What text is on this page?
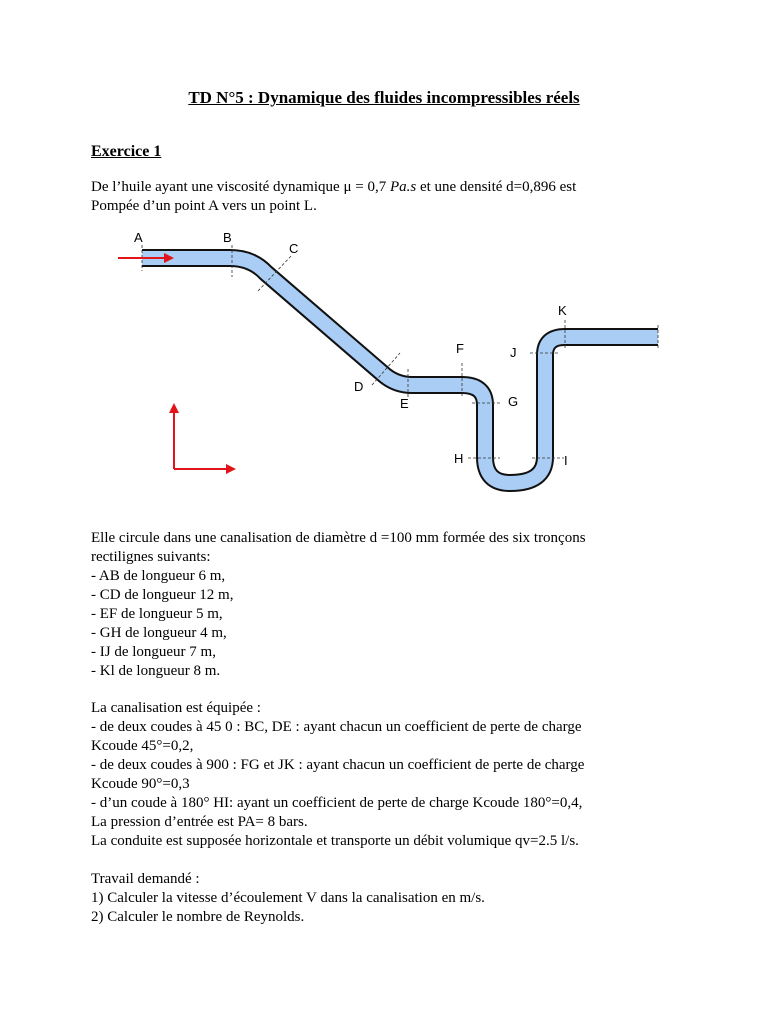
TD N°5 : Dynamique des fluides incompressibles réels
Exercice 1
De l’huile ayant une viscosité dynamique μ = 0,7 Pa.s et une densité d=0,896 est
Pompée d’un point A vers un point L.
A	B
C
D
E
F
G
H	I
J
K
Elle circule dans une canalisation de diamètre d =100 mm formée des six tronçons
rectilignes suivants:
- AB de longueur 6 m,
- CD de longueur 12 m,
- EF de longueur 5 m,
- GH de longueur 4 m,
- IJ de longueur 7 m,
- Kl de longueur 8 m.
La canalisation est équipée :
- de deux coudes à 45 0 : BC, DE : ayant chacun un coefficient de perte de charge
Kcoude 45°=0,2,
- de deux coudes à 900 : FG et JK : ayant chacun un coefficient de perte de charge
Kcoude 90°=0,3
- d’un coude à 180° HI: ayant un coefficient de perte de charge Kcoude 180°=0,4,
La pression d’entrée est PA= 8 bars.
La conduite est supposée horizontale et transporte un débit volumique qv=2.5 l/s.
Travail demandé :
1) Calculer la vitesse d’écoulement V dans la canalisation en m/s.
2) Calculer le nombre de Reynolds.
